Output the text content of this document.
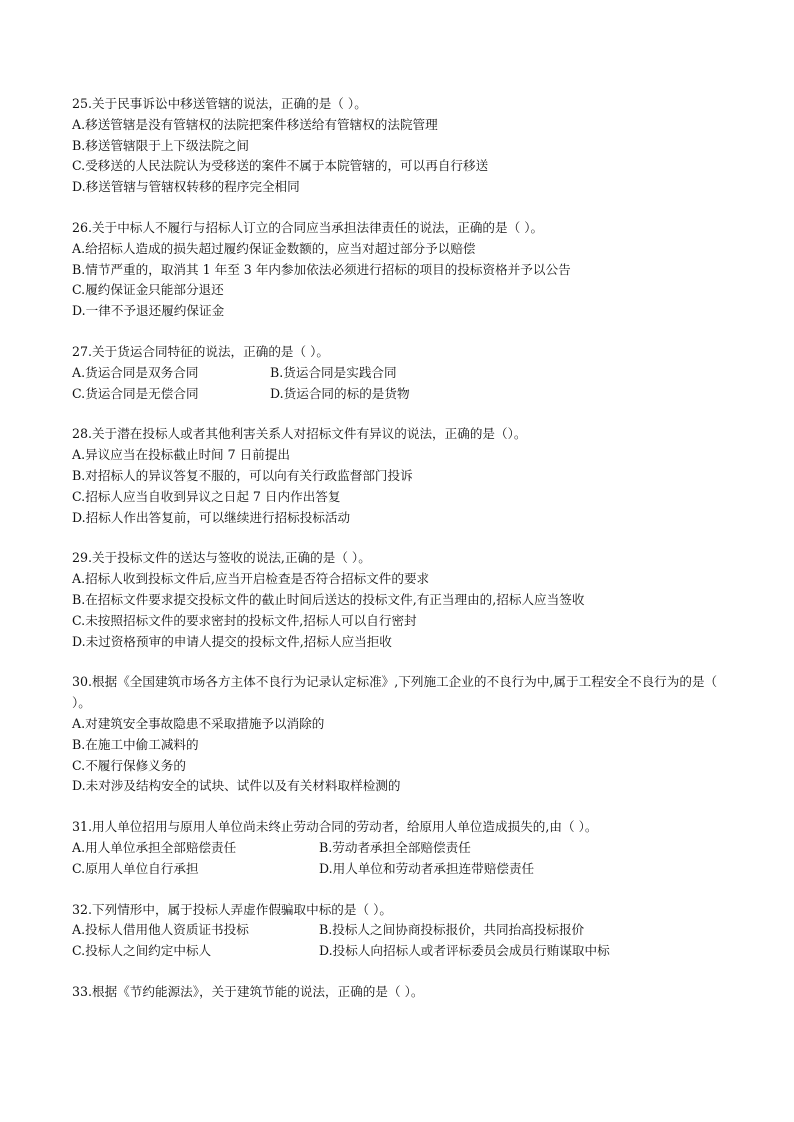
25.关于民事诉讼中移送管辖的说法，正确的是（ ）。

A.移送管辖是没有管辖权的法院把案件移送给有管辖权的法院管理
B.移送管辖限于上下级法院之间
C.受移送的人民法院认为受移送的案件不属于本院管辖的，可以再自行移送
D.移送管辖与管辖权转移的程序完全相同

26.关于中标人不履行与招标人订立的合同应当承担法律责任的说法，正确的是（ ）。

A.给招标人造成的损失超过履约保证金数额的，应当对超过部分予以赔偿
B.情节严重的，取消其 1 年至 3 年内参加依法必须进行招标的项目的投标资格并予以公告
C.履约保证金只能部分退还
D.一律不予退还履约保证金

27.关于货运合同特征的说法，正确的是（ ）。

A.货运合同是双务合同	B.货运合同是实践合同
C.货运合同是无偿合同	D.货运合同的标的是货物

28.关于潜在投标人或者其他利害关系人对招标文件有异议的说法，正确的是（）。

A.异议应当在投标截止时间 7 日前提出
B.对招标人的异议答复不服的，可以向有关行政监督部门投诉
C.招标人应当自收到异议之日起 7 日内作出答复
D.招标人作出答复前，可以继续进行招标投标活动

29.关于投标文件的送达与签收的说法,正确的是（ ）。

A.招标人收到投标文件后,应当开启检查是否符合招标文件的要求
B.在招标文件要求提交投标文件的截止时间后送达的投标文件,有正当理由的,招标人应当签收
C.未按照招标文件的要求密封的投标文件,招标人可以自行密封
D.未过资格预审的申请人提交的投标文件,招标人应当拒收

30.根据《全国建筑市场各方主体不良行为记录认定标准》,下列施工企业的不良行为中,属于工程安全不良行为的是（ ）。

A.对建筑安全事故隐患不采取措施予以消除的
B.在施工中偷工减料的
C.不履行保修义务的
D.未对涉及结构安全的试块、试件以及有关材料取样检测的

31.用人单位招用与原用人单位尚未终止劳动合同的劳动者，给原用人单位造成损失的,由（ ）。

A.用人单位承担全部赔偿责任	B.劳动者承担全部赔偿责任
C.原用人单位自行承担	D.用人单位和劳动者承担连带赔偿责任

32.下列情形中，属于投标人弄虚作假骗取中标的是（ ）。

A.投标人借用他人资质证书投标	B.投标人之间协商投标报价，共同抬高投标报价
C.投标人之间约定中标人	D.投标人向招标人或者评标委员会成员行贿谋取中标

33.根据《节约能源法》，关于建筑节能的说法，正确的是（ ）。
